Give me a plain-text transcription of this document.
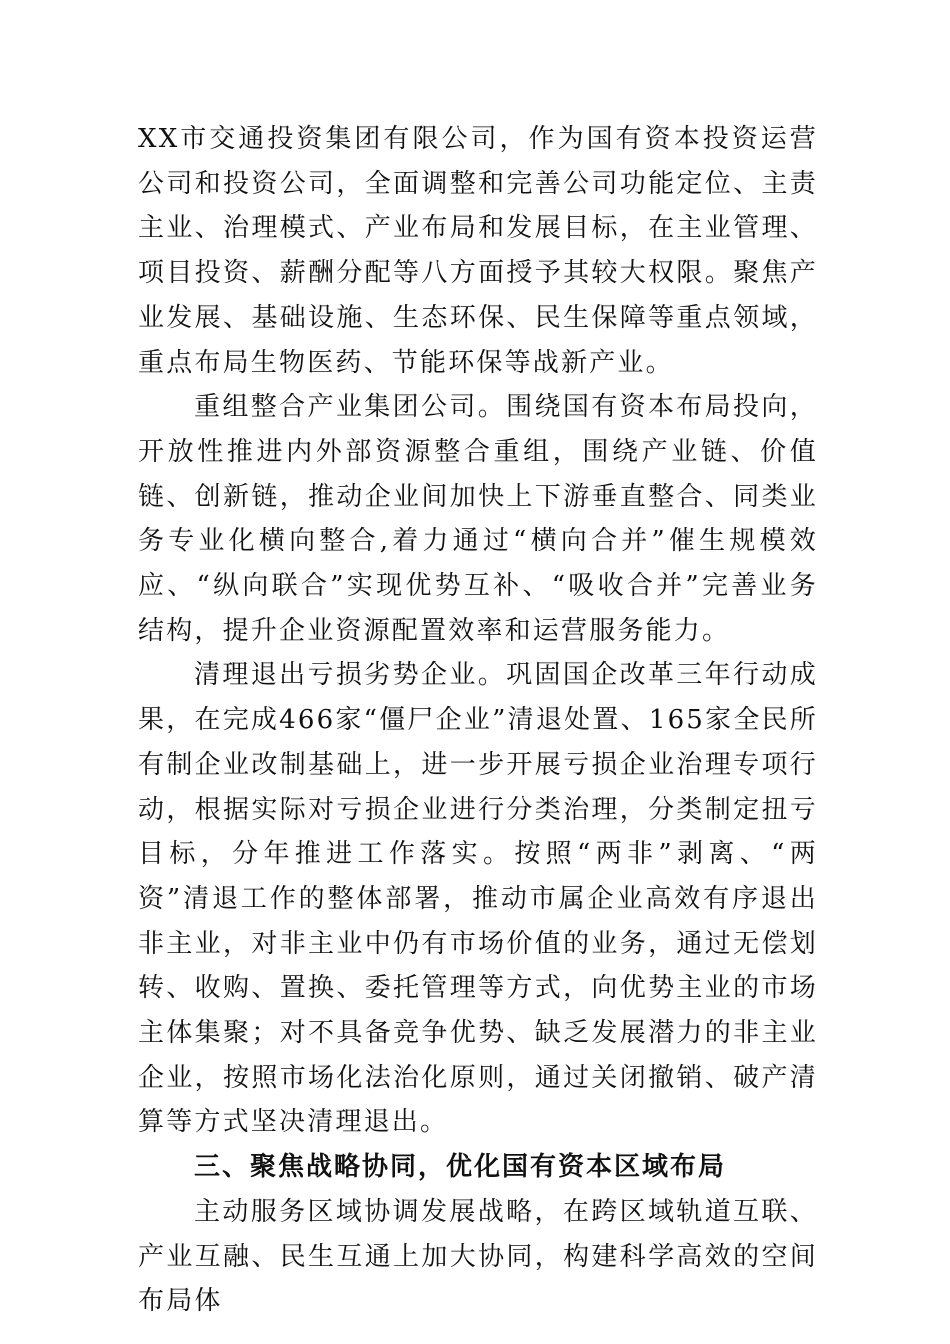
XX市交通投资集团有限公司，作为国有资本投资运营公司和投资公司，全面调整和完善公司功能定位、主责主业、治理模式、产业布局和发展目标，在主业管理、项目投资、薪酬分配等八方面授予其较大权限。聚焦产业发展、基础设施、生态环保、民生保障等重点领域，重点布局生物医药、节能环保等战新产业。

重组整合产业集团公司。围绕国有资本布局投向，开放性推进内外部资源整合重组，围绕产业链、价值链、创新链，推动企业间加快上下游垂直整合、同类业务专业化横向整合,着力通过“横向合并”催生规模效应、“纵向联合”实现优势互补、“吸收合并”完善业务结构，提升企业资源配置效率和运营服务能力。

清理退出亏损劣势企业。巩固国企改革三年行动成果，在完成466家“僵尸企业”清退处置、165家全民所有制企业改制基础上，进一步开展亏损企业治理专项行动，根据实际对亏损企业进行分类治理，分类制定扭亏目标，分年推进工作落实。按照“两非”剥离、“两资”清退工作的整体部署，推动市属企业高效有序退出非主业，对非主业中仍有市场价值的业务，通过无偿划转、收购、置换、委托管理等方式，向优势主业的市场主体集聚；对不具备竞争优势、缺乏发展潜力的非主业企业，按照市场化法治化原则，通过关闭撤销、破产清算等方式坚决清理退出。

三、聚焦战略协同，优化国有资本区域布局

主动服务区域协调发展战略，在跨区域轨道互联、产业互融、民生互通上加大协同，构建科学高效的空间布局体
